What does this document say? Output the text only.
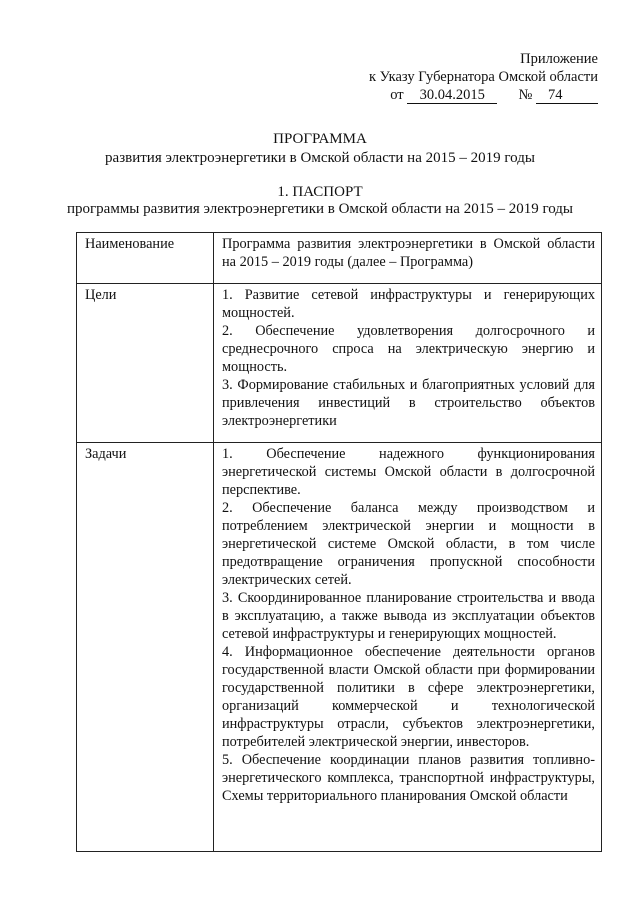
Приложение
к Указу Губернатора Омской области
от 30.04.2015 № 74
ПРОГРАММА
развития электроэнергетики в Омской области на 2015 – 2019 годы
1. ПАСПОРТ
программы развития электроэнергетики в Омской области на 2015 – 2019 годы
Наименование	Программа развития электроэнергетики в Омской области на 2015 – 2019 годы (далее – Программа)

Цели	1. Развитие сетевой инфраструктуры и генерирующих мощностей.
2. Обеспечение удовлетворения долгосрочного и среднесрочного спроса на электрическую энергию и мощность.
3. Формирование стабильных и благоприятных условий для привлечения инвестиций в строительство объектов электроэнергетики

Задачи	1. Обеспечение надежного функционирования энергетической системы Омской области в долгосрочной перспективе.
2. Обеспечение баланса между производством и потреблением электрической энергии и мощности в энергетической системе Омской области, в том числе предотвращение ограничения пропускной способности электрических сетей.
3. Скоординированное планирование строительства и ввода в эксплуатацию, а также вывода из эксплуатации объектов сетевой инфраструктуры и генерирующих мощностей.
4. Информационное обеспечение деятельности органов государственной власти Омской области при формировании государственной политики в сфере электроэнергетики, организаций коммерческой и технологической инфраструктуры отрасли, субъектов электроэнергетики, потребителей электрической энергии, инвесторов.
5. Обеспечение координации планов развития топливно-энергетического комплекса, транспортной инфраструктуры, Схемы территориального планирования Омской области
